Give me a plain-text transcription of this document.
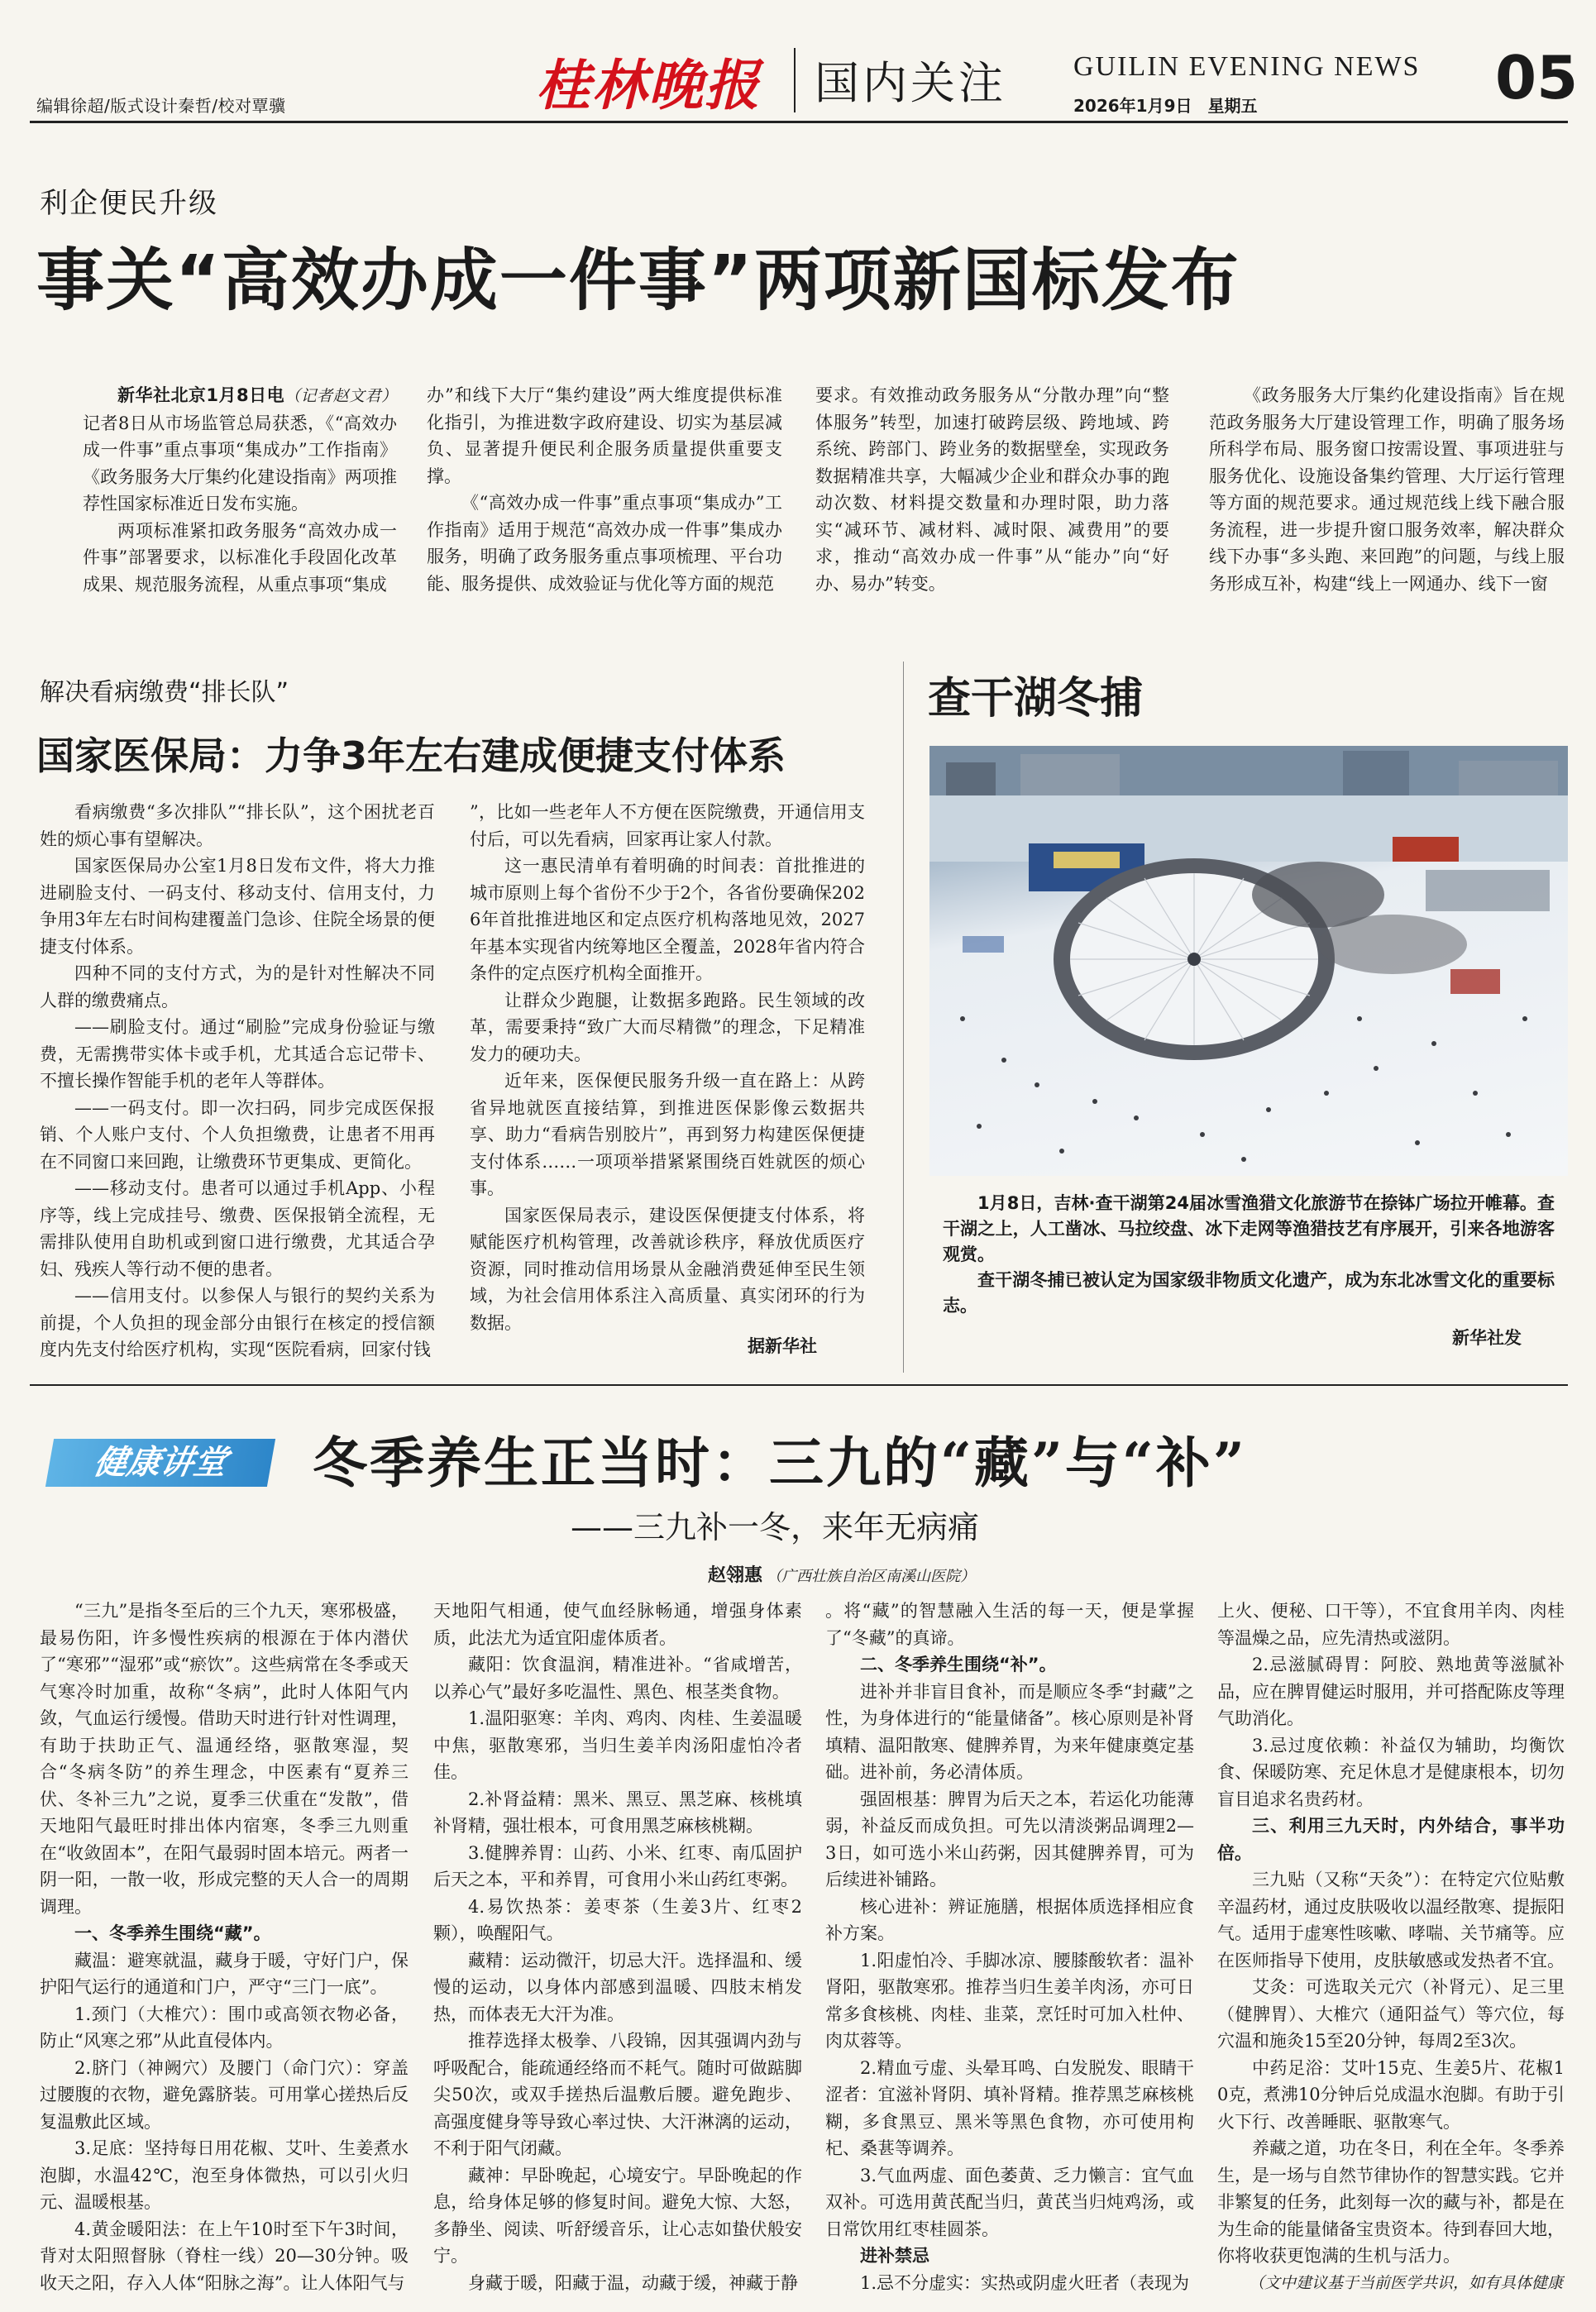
编辑徐超/版式设计秦哲/校对覃骥	桂林晚报 国内关注 GUILIN EVENING NEWS
2026年1月9日 星期五	05
利企便民升级
事关“高效办成一件事”两项新国标发布

新华社北京1月8日电（记者赵文君）记者8日从市场监管总局获悉，《“高效办成一件事”重点事项“集成办”工作指南》《政务服务大厅集约化建设指南》两项推荐性国家标准近日发布实施。

两项标准紧扣政务服务“高效办成一件事”部署要求，以标准化手段固化改革成果、规范服务流程，从重点事项“集成

办”和线下大厅“集约建设”两大维度提供标准化指引，为推进数字政府建设、切实为基层减负、显著提升便民利企服务质量提供重要支撑。

《“高效办成一件事”重点事项“集成办”工作指南》适用于规范“高效办成一件事”集成办服务，明确了政务服务重点事项梳理、平台功能、服务提供、成效验证与优化等方面的规范

要求。有效推动政务服务从“分散办理”向“整体服务”转型，加速打破跨层级、跨地域、跨系统、跨部门、跨业务的数据壁垒，实现政务数据精准共享，大幅减少企业和群众办事的跑动次数、材料提交数量和办理时限，助力落实“减环节、减材料、减时限、减费用”的要求，推动“高效办成一件事”从“能办”向“好办、易办”转变。

《政务服务大厅集约化建设指南》旨在规范政务服务大厅建设管理工作，明确了服务场所科学布局、服务窗口按需设置、事项进驻与服务优化、设施设备集约管理、大厅运行管理等方面的规范要求。通过规范线上线下融合服务流程，进一步提升窗口服务效率，解决群众线下办事“多头跑、来回跑”的问题，与线上服务形成互补，构建“线上一网通办、线下一窗

解决看病缴费“排长队”
国家医保局：力争3年左右建成便捷支付体系

看病缴费“多次排队”“排长队”，这个困扰老百姓的烦心事有望解决。

国家医保局办公室1月8日发布文件，将大力推进刷脸支付、一码支付、移动支付、信用支付，力争用3年左右时间构建覆盖门急诊、住院全场景的便捷支付体系。

四种不同的支付方式，为的是针对性解决不同人群的缴费痛点。

——刷脸支付。通过“刷脸”完成身份验证与缴费，无需携带实体卡或手机，尤其适合忘记带卡、不擅长操作智能手机的老年人等群体。

——一码支付。即一次扫码，同步完成医保报销、个人账户支付、个人负担缴费，让患者不用再在不同窗口来回跑，让缴费环节更集成、更简化。

——移动支付。患者可以通过手机App、小程序等，线上完成挂号、缴费、医保报销全流程，无需排队使用自助机或到窗口进行缴费，尤其适合孕妇、残疾人等行动不便的患者。

——信用支付。以参保人与银行的契约关系为前提，个人负担的现金部分由银行在核定的授信额度内先支付给医疗机构，实现“医院看病，回家付钱

”，比如一些老年人不方便在医院缴费，开通信用支付后，可以先看病，回家再让家人付款。

这一惠民清单有着明确的时间表：首批推进的城市原则上每个省份不少于2个，各省份要确保2026年首批推进地区和定点医疗机构落地见效，2027年基本实现省内统筹地区全覆盖，2028年省内符合条件的定点医疗机构全面推开。

让群众少跑腿，让数据多跑路。民生领域的改革，需要秉持“致广大而尽精微”的理念，下足精准发力的硬功夫。

近年来，医保便民服务升级一直在路上：从跨省异地就医直接结算，到推进医保影像云数据共享、助力“看病告别胶片”，再到努力构建医保便捷支付体系……一项项举措紧紧围绕百姓就医的烦心事。

国家医保局表示，建设医保便捷支付体系，将赋能医疗机构管理，改善就诊秩序，释放优质医疗资源，同时推动信用场景从金融消费延伸至民生领域，为社会信用体系注入高质量、真实闭环的行为数据。

据新华社
查干湖冬捕

1月8日，吉林·查干湖第24届冰雪渔猎文化旅游节在捺钵广场拉开帷幕。查干湖之上，人工凿冰、马拉绞盘、冰下走网等渔猎技艺有序展开，引来各地游客观赏。

查干湖冬捕已被认定为国家级非物质文化遗产，成为东北冰雪文化的重要标志。

新华社发
健康讲堂	冬季养生正当时：三九的“藏”与“补”
——三九补一冬，来年无病痛
赵翎惠 （广西壮族自治区南溪山医院）

“三九”是指冬至后的三个九天，寒邪极盛，最易伤阳，许多慢性疾病的根源在于体内潜伏了“寒邪”“湿邪”或“瘀饮”。这些病常在冬季或天气寒冷时加重，故称“冬病”，此时人体阳气内敛，气血运行缓慢。借助天时进行针对性调理，有助于扶助正气、温通经络，驱散寒湿，契合“冬病冬防”的养生理念，中医素有“夏养三伏、冬补三九”之说，夏季三伏重在“发散”，借天地阳气最旺时排出体内宿寒，冬季三九则重在“收敛固本”，在阳气最弱时固本培元。两者一阴一阳，一散一收，形成完整的天人合一的周期调理。

一、冬季养生围绕“藏”。

藏温：避寒就温，藏身于暖，守好门户，保护阳气运行的通道和门户，严守“三门一底”。

1.颈门（大椎穴）：围巾或高领衣物必备，防止“风寒之邪”从此直侵体内。

2.脐门（神阙穴）及腰门（命门穴）：穿盖过腰腹的衣物，避免露脐装。可用掌心搓热后反复温敷此区域。

3.足底：坚持每日用花椒、艾叶、生姜煮水泡脚，水温42℃，泡至身体微热，可以引火归元、温暖根基。

4.黄金暖阳法：在上午10时至下午3时间，背对太阳照督脉（脊柱一线）20—30分钟。吸收天之阳，存入人体“阳脉之海”。让人体阳气与

天地阳气相通，使气血经脉畅通，增强身体素质，此法尤为适宜阳虚体质者。

藏阳：饮食温润，精准进补。“省咸增苦，以养心气”最好多吃温性、黑色、根茎类食物。

1.温阳驱寒：羊肉、鸡肉、肉桂、生姜温暖中焦，驱散寒邪，当归生姜羊肉汤阳虚怕冷者佳。

2.补肾益精：黑米、黑豆、黑芝麻、核桃填补肾精，强壮根本，可食用黑芝麻核桃糊。

3.健脾养胃：山药、小米、红枣、南瓜固护后天之本，平和养胃，可食用小米山药红枣粥。

4.易饮热茶：姜枣茶（生姜3片、红枣2颗），唤醒阳气。

藏精：运动微汗，切忌大汗。选择温和、缓慢的运动，以身体内部感到温暖、四肢末梢发热，而体表无大汗为准。

推荐选择太极拳、八段锦，因其强调内劲与呼吸配合，能疏通经络而不耗气。随时可做踮脚尖50次，或双手搓热后温敷后腰。避免跑步、高强度健身等导致心率过快、大汗淋漓的运动，不利于阳气闭藏。

藏神：早卧晚起，心境安宁。早卧晚起的作息，给身体足够的修复时间。避免大惊、大怒，多静坐、阅读、听舒缓音乐，让心志如蛰伏般安宁。

身藏于暖，阳藏于温，动藏于缓，神藏于静

。将“藏”的智慧融入生活的每一天，便是掌握了“冬藏”的真谛。

二、冬季养生围绕“补”。

进补并非盲目食补，而是顺应冬季“封藏”之性，为身体进行的“能量储备”。核心原则是补肾填精、温阳散寒、健脾养胃，为来年健康奠定基础。进补前，务必清体质。

强固根基：脾胃为后天之本，若运化功能薄弱，补益反而成负担。可先以清淡粥品调理2—3日，如可选小米山药粥，因其健脾养胃，可为后续进补铺路。

核心进补：辨证施膳，根据体质选择相应食补方案。

1.阳虚怕冷、手脚冰凉、腰膝酸软者：温补肾阳，驱散寒邪。推荐当归生姜羊肉汤，亦可日常多食核桃、肉桂、韭菜，烹饪时可加入杜仲、肉苁蓉等。

2.精血亏虚、头晕耳鸣、白发脱发、眼睛干涩者：宜滋补肾阴、填补肾精。推荐黑芝麻核桃糊，多食黑豆、黑米等黑色食物，亦可使用枸杞、桑葚等调养。

3.气血两虚、面色萎黄、乏力懒言：宜气血双补。可选用黄芪配当归，黄芪当归炖鸡汤，或日常饮用红枣桂圆茶。

进补禁忌

1.忌不分虚实：实热或阴虚火旺者（表现为

上火、便秘、口干等），不宜食用羊肉、肉桂等温燥之品，应先清热或滋阴。

2.忌滋腻碍胃：阿胶、熟地黄等滋腻补品，应在脾胃健运时服用，并可搭配陈皮等理气助消化。

3.忌过度依赖：补益仅为辅助，均衡饮食、保暖防寒、充足休息才是健康根本，切勿盲目追求名贵药材。

三、利用三九天时，内外结合，事半功倍。

三九贴（又称“天灸”）：在特定穴位贴敷辛温药材，通过皮肤吸收以温经散寒、提振阳气。适用于虚寒性咳嗽、哮喘、关节痛等。应在医师指导下使用，皮肤敏感或发热者不宜。

艾灸：可选取关元穴（补肾元）、足三里（健脾胃）、大椎穴（通阳益气）等穴位，每穴温和施灸15至20分钟，每周2至3次。

中药足浴：艾叶15克、生姜5片、花椒10克，煮沸10分钟后兑成温水泡脚。有助于引火下行、改善睡眠、驱散寒气。

养藏之道，功在冬日，利在全年。冬季养生，是一场与自然节律协作的智慧实践。它并非繁复的任务，此刻每一次的藏与补，都是在为生命的能量储备宝贵资本。待到春回大地，你将收获更饱满的生机与活力。

（文中建议基于当前医学共识，如有具体健康
